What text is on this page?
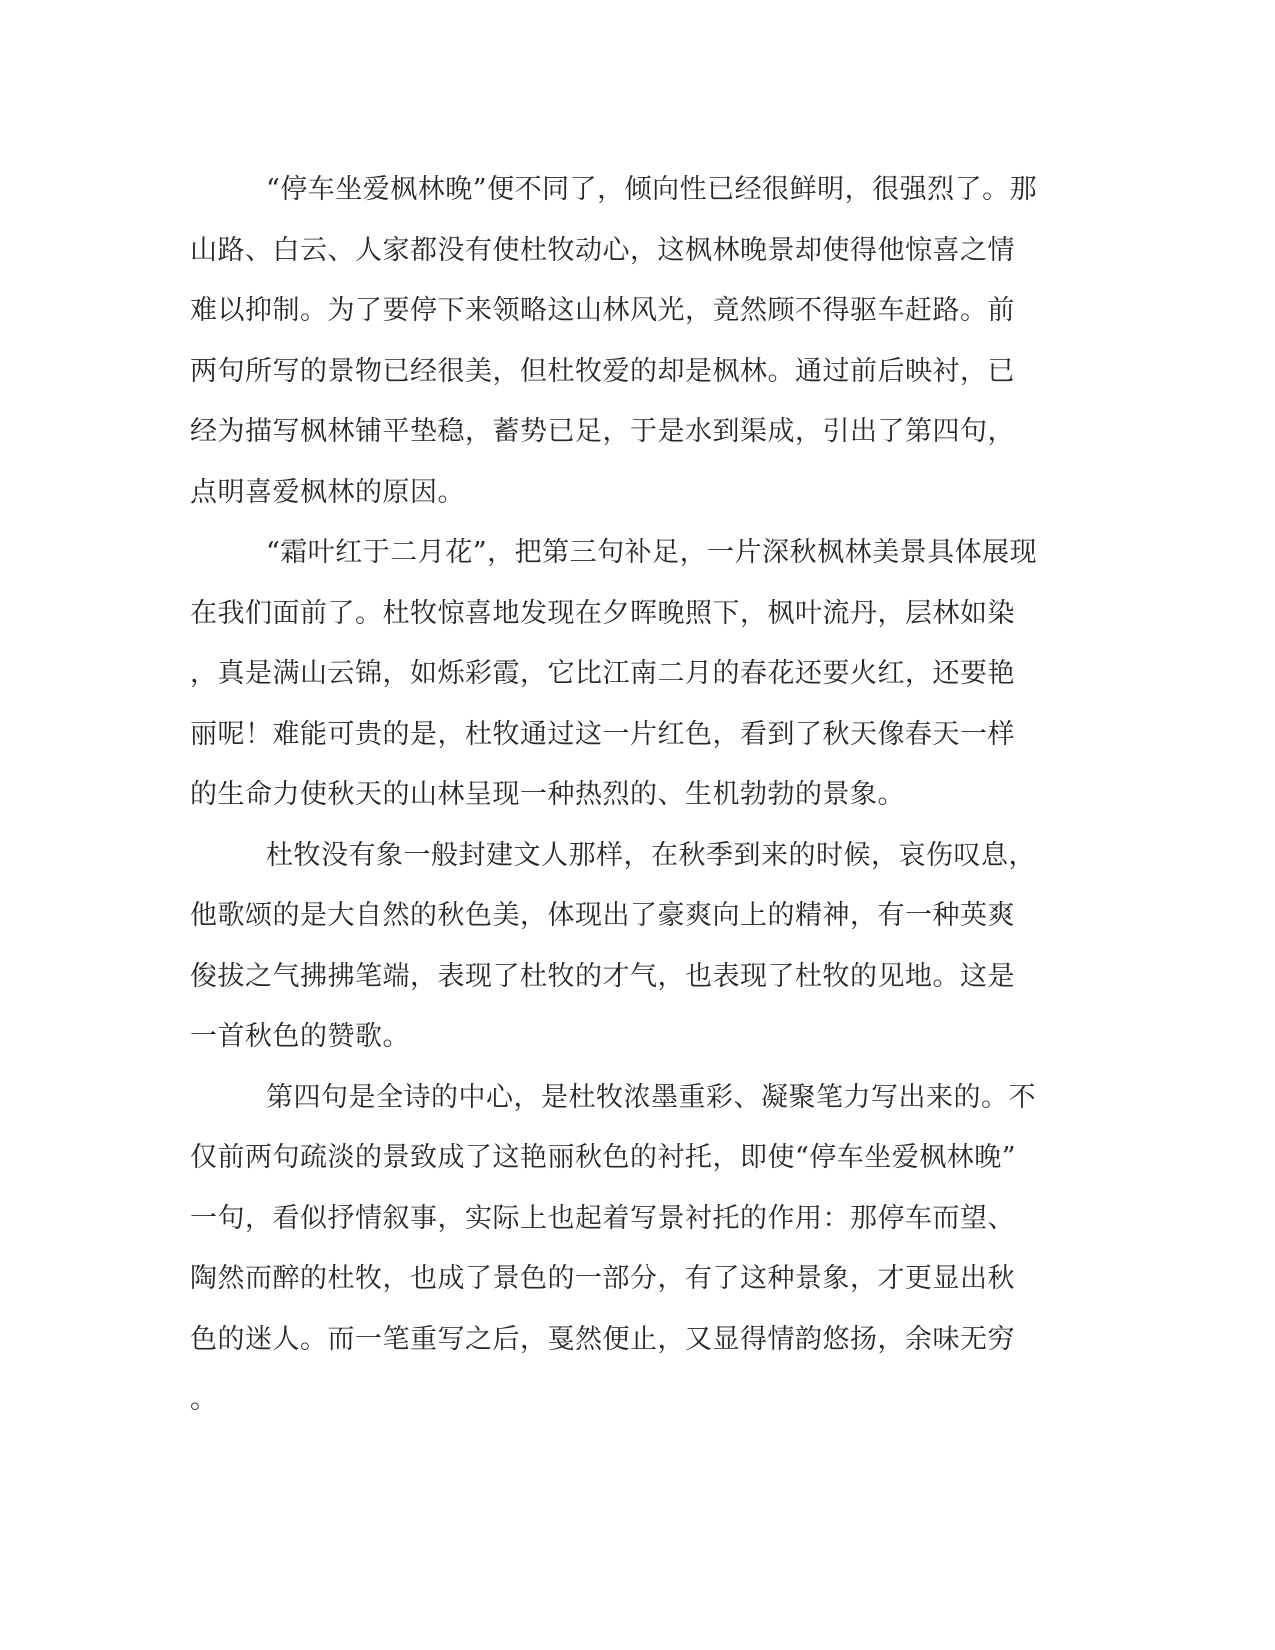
“停车坐爱枫林晚”便不同了，倾向性已经很鲜明，很强烈了。那
山路、白云、人家都没有使杜牧动心，这枫林晚景却使得他惊喜之情
难以抑制。为了要停下来领略这山林风光，竟然顾不得驱车赶路。前
两句所写的景物已经很美，但杜牧爱的却是枫林。通过前后映衬，已
经为描写枫林铺平垫稳，蓄势已足，于是水到渠成，引出了第四句，
点明喜爱枫林的原因。
“霜叶红于二月花”，把第三句补足，一片深秋枫林美景具体展现
在我们面前了。杜牧惊喜地发现在夕晖晚照下，枫叶流丹，层林如染
，真是满山云锦，如烁彩霞，它比江南二月的春花还要火红，还要艳
丽呢！难能可贵的是，杜牧通过这一片红色，看到了秋天像春天一样
的生命力使秋天的山林呈现一种热烈的、生机勃勃的景象。
杜牧没有象一般封建文人那样，在秋季到来的时候，哀伤叹息，
他歌颂的是大自然的秋色美，体现出了豪爽向上的精神，有一种英爽
俊拔之气拂拂笔端，表现了杜牧的才气，也表现了杜牧的见地。这是
一首秋色的赞歌。
第四句是全诗的中心，是杜牧浓墨重彩、凝聚笔力写出来的。不
仅前两句疏淡的景致成了这艳丽秋色的衬托，即使“停车坐爱枫林晚”
一句，看似抒情叙事，实际上也起着写景衬托的作用：那停车而望、
陶然而醉的杜牧，也成了景色的一部分，有了这种景象，才更显出秋
色的迷人。而一笔重写之后，戛然便止，又显得情韵悠扬，余味无穷
。
